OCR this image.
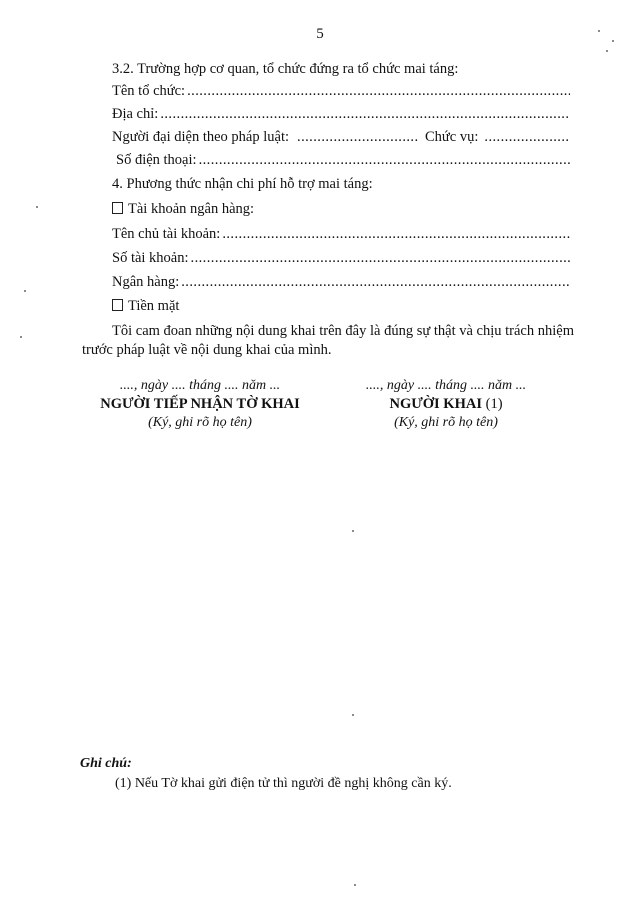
5
3.2. Trường hợp cơ quan, tổ chức đứng ra tổ chức mai táng:
Tên tổ chức:
. . .
Địa chỉ:
. . .
Người đại diện theo pháp luật:
. . .	Chức vụ:
. . .
Số điện thoại:
. . .
4. Phương thức nhận chi phí hỗ trợ mai táng:
Tài khoản ngân hàng:
Tên chủ tài khoản:
. . .
Số tài khoản:
. . .
Ngân hàng:
. . .
Tiền mặt
Tôi cam đoan những nội dung khai trên đây là đúng sự thật và chịu trách nhiệm trước pháp luật về nội dung khai của mình.
...., ngày .... tháng .... năm ...
NGƯỜI TIẾP NHẬN TỜ KHAI
(Ký, ghi rõ họ tên)
...., ngày .... tháng .... năm ...
NGƯỜI KHAI (1)
(Ký, ghi rõ họ tên)
Ghi chú:
(1) Nếu Tờ khai gửi điện tử thì người đề nghị không cần ký.
